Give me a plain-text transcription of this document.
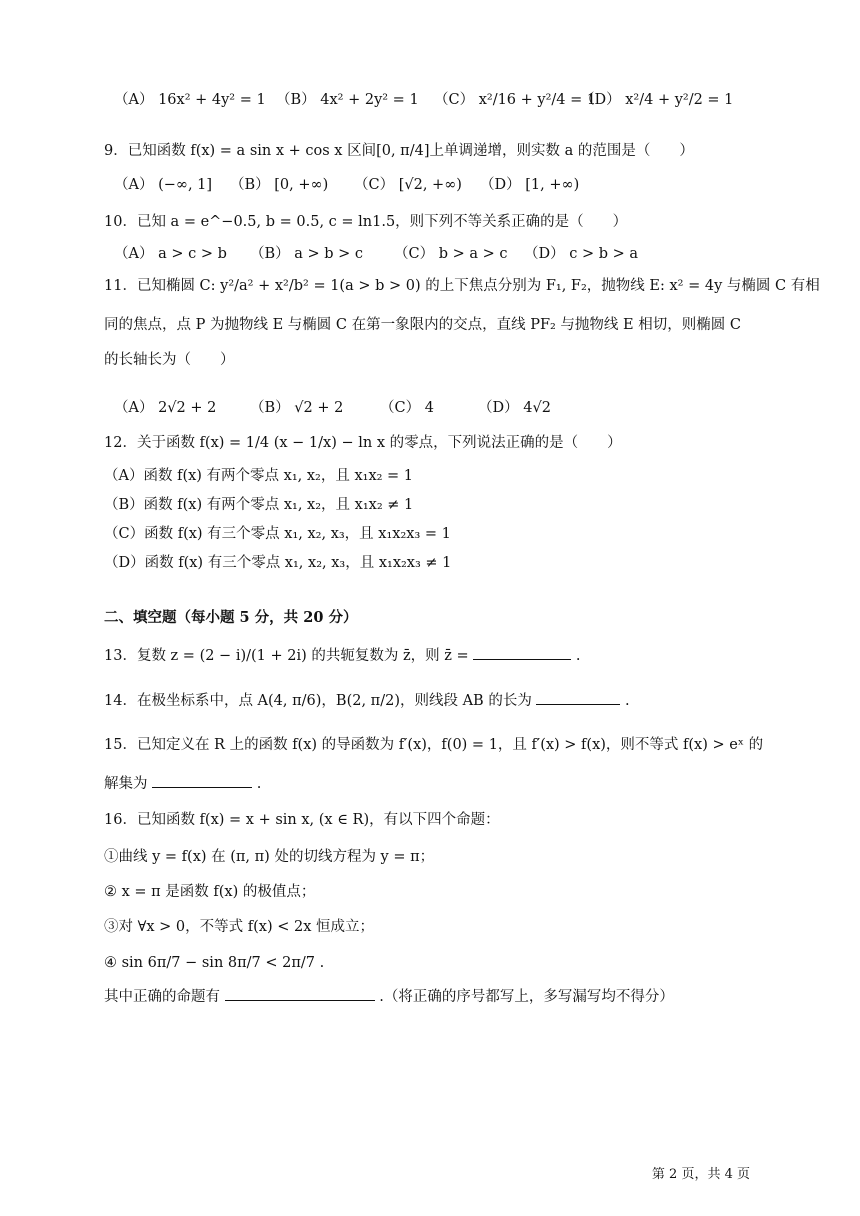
（A） 16x² + 4y² = 1 （B） 4x² + 2y² = 1 （C） x²/16 + y²/4 = 1
（D） x²/4 + y²/2 = 1
9．已知函数 f(x) = a sin x + cos x 区间[0, π/4]上单调递增，则实数 a 的范围是（　　）
（A） (−∞, 1] （B） [0, +∞) （C） [√2, +∞) （D） [1, +∞)
10．已知 a = e^−0.5, b = 0.5, c = ln1.5，则下列不等关系正确的是（　　）
（A） a > c > b （B） a > b > c （C） b > a > c （D） c > b > a
11．已知椭圆 C: y²/a² + x²/b² = 1(a > b > 0) 的上下焦点分别为 F₁, F₂，抛物线 E: x² = 4y 与椭圆 C 有相
同的焦点，点 P 为抛物线 E 与椭圆 C 在第一象限内的交点，直线 PF₂ 与抛物线 E 相切，则椭圆 C
的长轴长为（　　）
（A） 2√2 + 2 （B） √2 + 2	（C） 4	（D） 4√2
12．关于函数 f(x) = 1/4 (x − 1/x) − ln x 的零点，下列说法正确的是（　　）
（A）函数 f(x) 有两个零点 x₁, x₂，且 x₁x₂ = 1
（B）函数 f(x) 有两个零点 x₁, x₂，且 x₁x₂ ≠ 1
（C）函数 f(x) 有三个零点 x₁, x₂, x₃，且 x₁x₂x₃ = 1
（D）函数 f(x) 有三个零点 x₁, x₂, x₃，且 x₁x₂x₃ ≠ 1
二、填空题（每小题 5 分，共 20 分）
13．复数 z = (2 − i)/(1 + 2i) 的共轭复数为 z̄，则 z̄ =	.
14．在极坐标系中，点 A(4, π/6)，B(2, π/2)，则线段 AB 的长为	.
15．已知定义在 R 上的函数 f(x) 的导函数为 f′(x)，f(0) = 1，且 f′(x) > f(x)，则不等式 f(x) > eˣ 的
解集为	.
16．已知函数 f(x) = x + sin x, (x ∈ R)，有以下四个命题：
①曲线 y = f(x) 在 (π, π) 处的切线方程为 y = π；
② x = π 是函数 f(x) 的极值点；
③对 ∀x > 0，不等式 f(x) < 2x 恒成立；
④ sin 6π/7 − sin 8π/7 < 2π/7 .
其中正确的命题有	.（将正确的序号都写上，多写漏写均不得分）
第 2 页，共 4 页
